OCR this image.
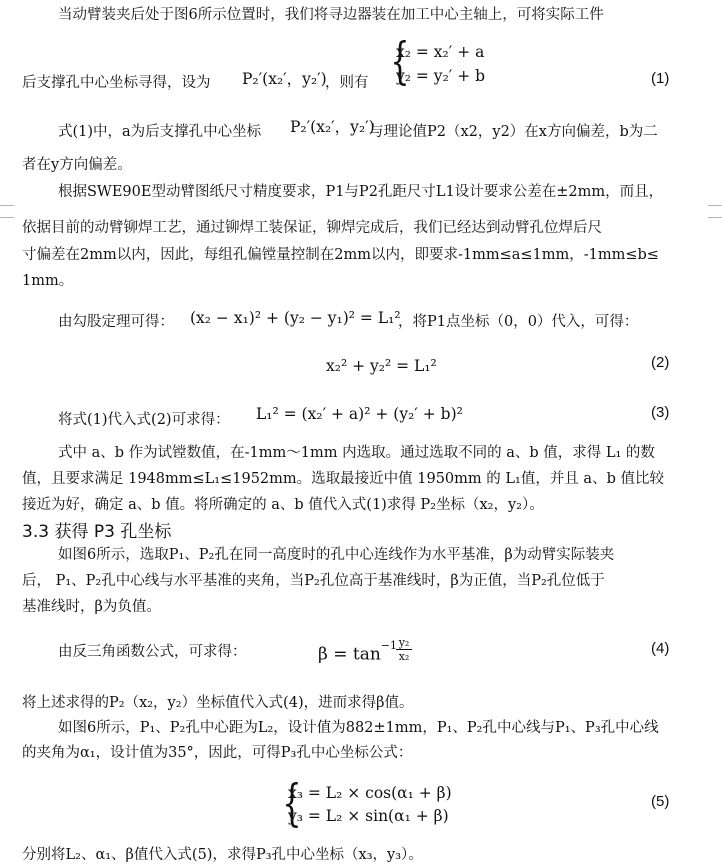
当动臂装夹后处于图6所示位置时，我们将寻边器装在加工中心主轴上，可将实际工件
后支撑孔中心坐标寻得，设为 P₂′(x₂′，y₂′)
，则有 {
x₂ = x₂′ + a
y₂ = y₂′ + b	(1)
式(1)中，a为后支撑孔中心坐标 P₂′(x₂′，y₂′)
与理论值P2（x2，y2）在x方向偏差，b为二
者在y方向偏差。
根据SWE90E型动臂图纸尺寸精度要求，P1与P2孔距尺寸L1设计要求公差在±2mm，而且，
依据目前的动臂铆焊工艺，通过铆焊工装保证，铆焊完成后，我们已经达到动臂孔位焊后尺
寸偏差在2mm以内，因此，每组孔偏镗量控制在2mm以内，即要求-1mm≤a≤1mm，-1mm≤b≤
1mm。
由勾股定理可得： (x₂ − x₁)² + (y₂ − y₁)² = L₁²
，将P1点坐标（0，0）代入，可得：
x₂² + y₂² = L₁²	(2)
将式(1)代入式(2)可求得： L₁² = (x₂′ + a)² + (y₂′ + b)²	(3)
式中 a、b 作为试镗数值，在-1mm～1mm 内选取。通过选取不同的 a、b 值，求得 L₁ 的数
值，且要求满足 1948mm≤L₁≤1952mm。选取最接近中值 1950mm 的 L₁值，并且 a、b 值比较
接近为好，确定 a、b 值。将所确定的 a、b 值代入式(1)求得 P₂坐标（x₂，y₂）。
3.3 获得 P3 孔坐标
如图6所示，选取P₁、P₂孔在同一高度时的孔中心连线作为水平基准，β为动臂实际装夹
后， P₁、P₂孔中心线与水平基准的夹角，当P₂孔位高于基准线时，β为正值，当P₂孔位低于
基准线时，β为负值。
由反三角函数公式，可求得：	$\beta = \tan^{-1}$
$\frac{\text{y₂}}{\text{x₂}}$	(4)
将上述求得的P₂（x₂，y₂）坐标值代入式(4)，进而求得β值。
如图6所示，P₁、P₂孔中心距为L₂，设计值为882±1mm，P₁、P₂孔中心线与P₁、P₃孔中心线
的夹角为α₁，设计值为35°，因此，可得P₃孔中心坐标公式：
{
x₃ = L₂ × cos(α₁ + β)
y₃ = L₂ × sin(α₁ + β)
(5)
分别将L₂、α₁、β值代入式(5)，求得P₃孔中心坐标（x₃，y₃）。
